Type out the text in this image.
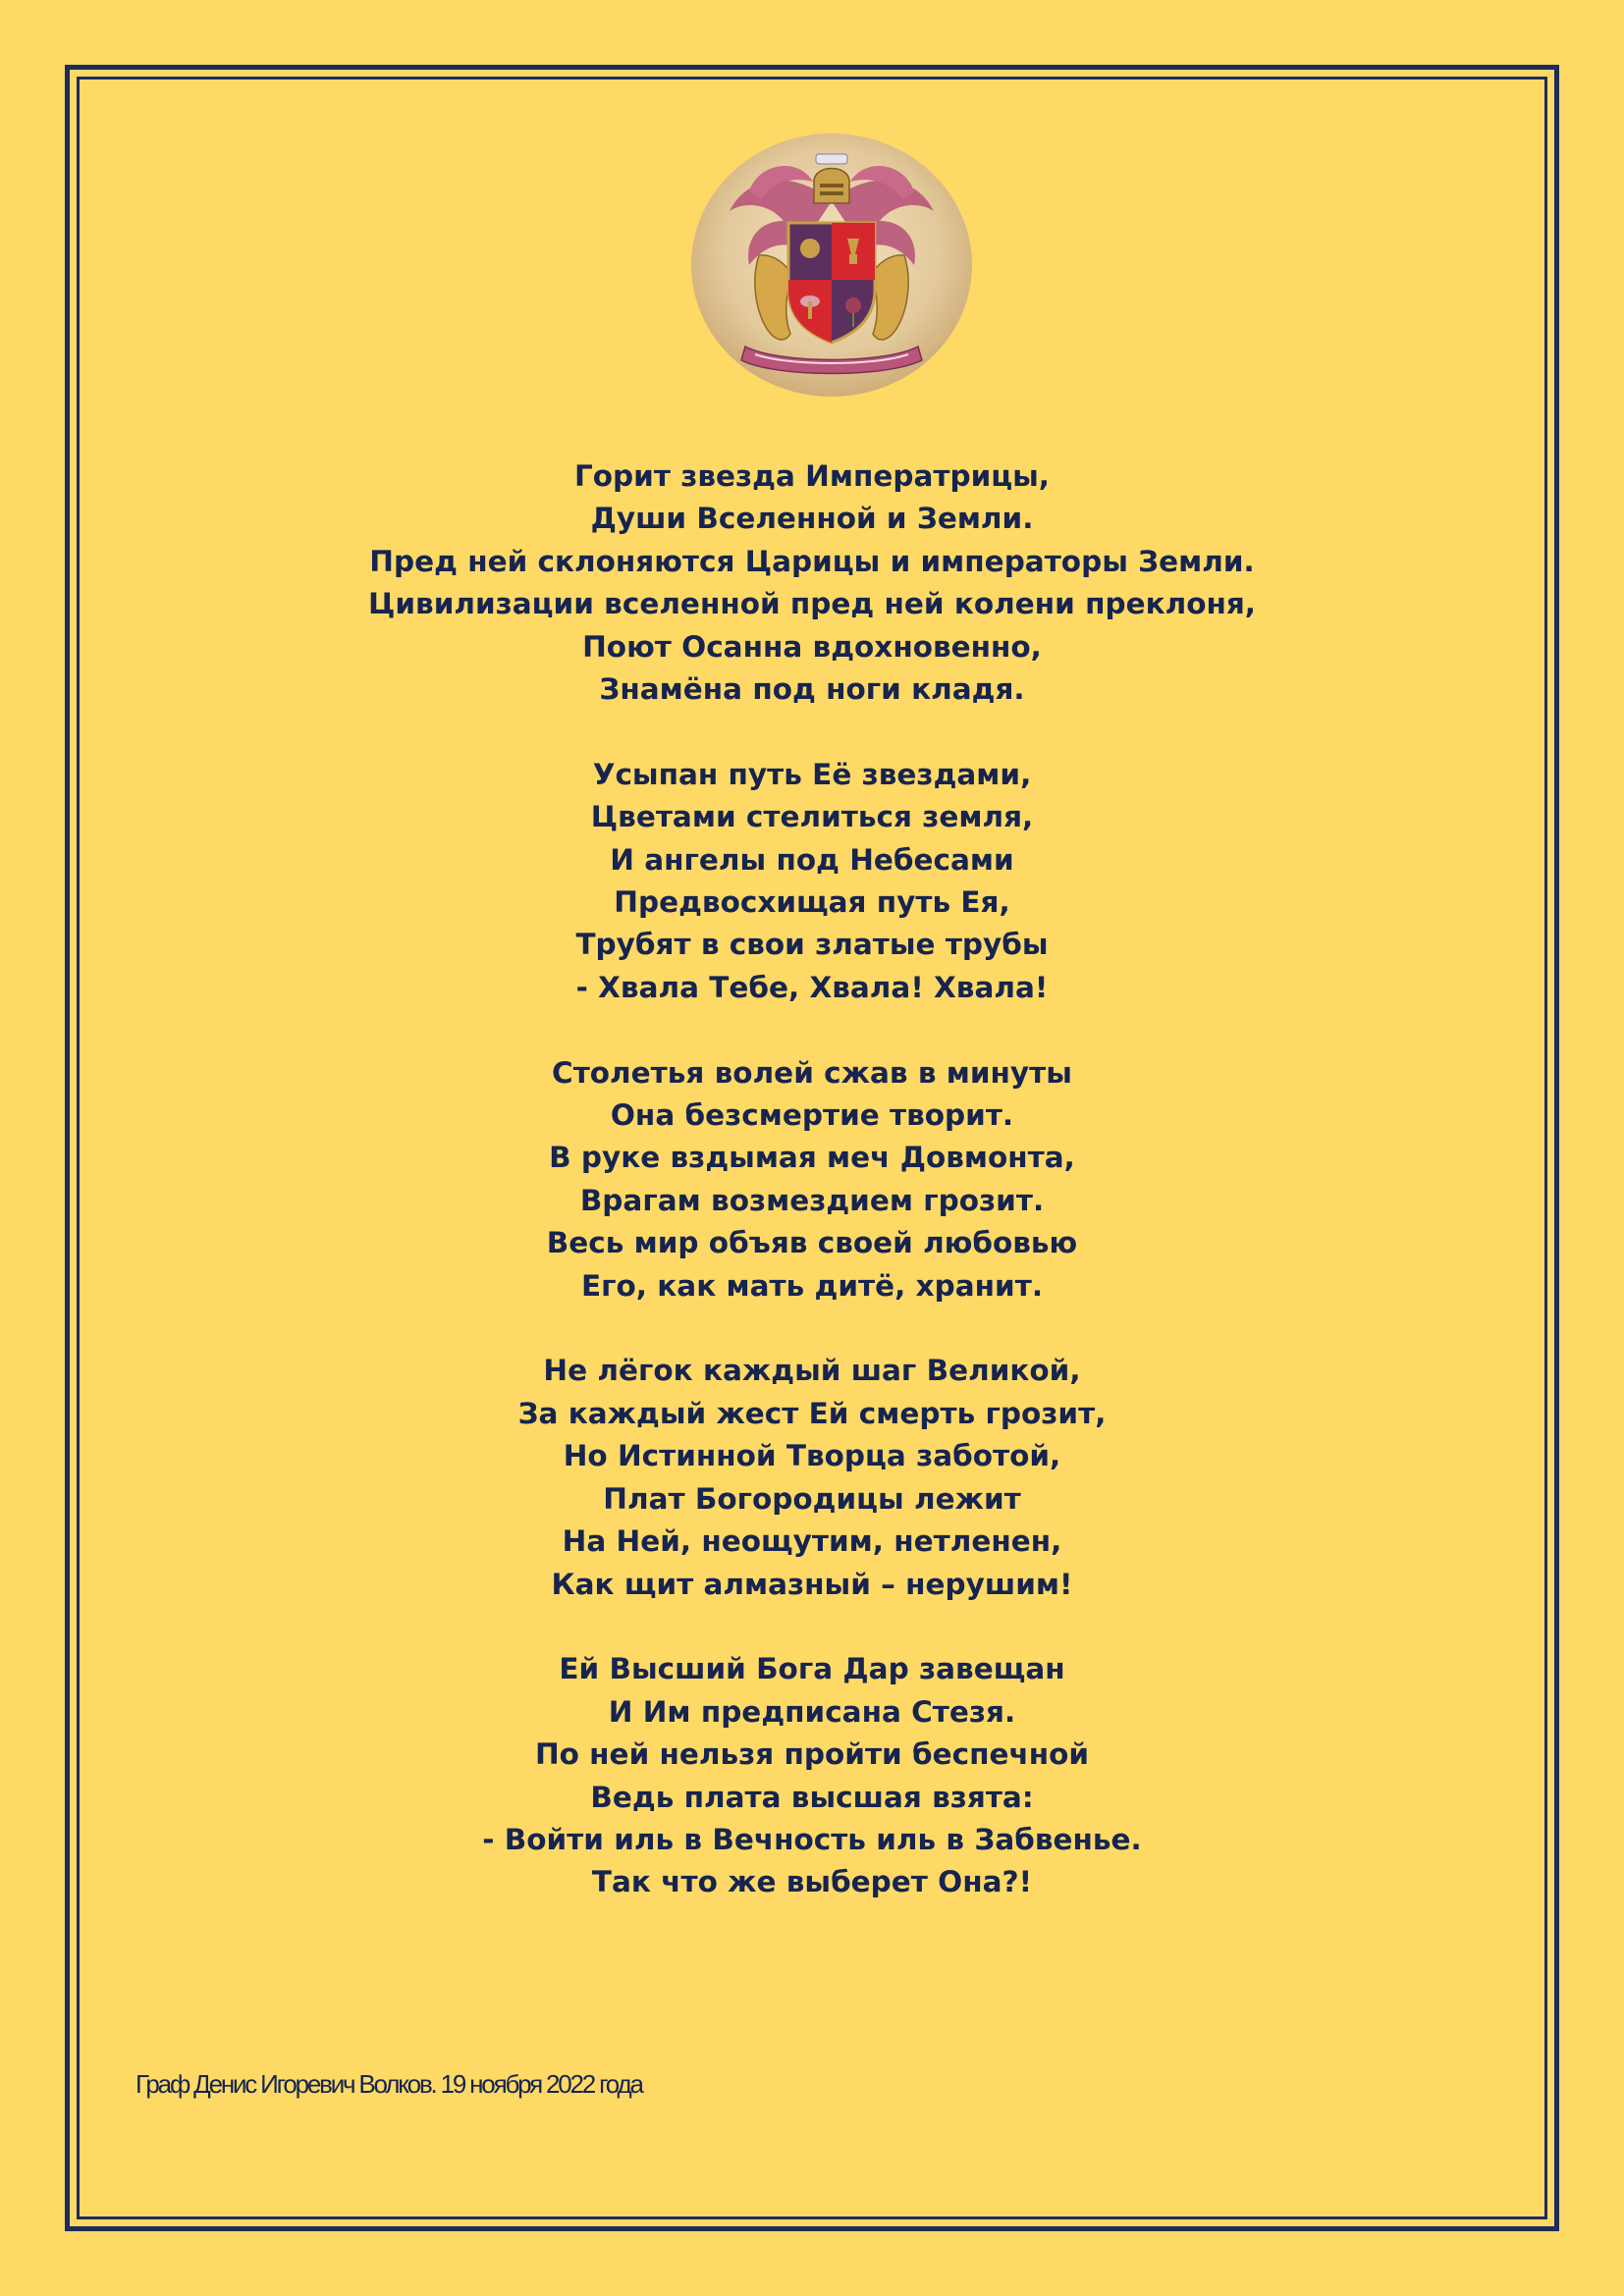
Горит звезда Императрицы,
Души Вселенной и Земли.
Пред ней склоняются Царицы и императоры Земли.
Цивилизации вселенной пред ней колени преклоня,
Поют Осанна вдохновенно,
Знамёна под ноги кладя.
Усыпан путь Её звездами,
Цветами стелиться земля,
И ангелы под Небесами
Предвосхищая путь Ея,
Трубят в свои златые трубы
- Хвала Тебе, Хвала! Хвала!
Столетья волей сжав в минуты
Она безсмертие творит.
В руке вздымая меч Довмонта,
Врагам возмездием грозит.
Весь мир объяв своей любовью
Его, как мать дитё, хранит.
Не лёгок каждый шаг Великой,
За каждый жест Ей смерть грозит,
Но Истинной Творца заботой,
Плат Богородицы лежит
На Ней, неощутим, нетленен,
Как щит алмазный – нерушим!
Ей Высший Бога Дар завещан
И Им предписана Стезя.
По ней нельзя пройти беспечной
Ведь плата высшая взята:
- Войти иль в Вечность иль в Забвенье.
Так что же выберет Она?!
Граф Денис Игоревич Волков. 19 ноября 2022 года
